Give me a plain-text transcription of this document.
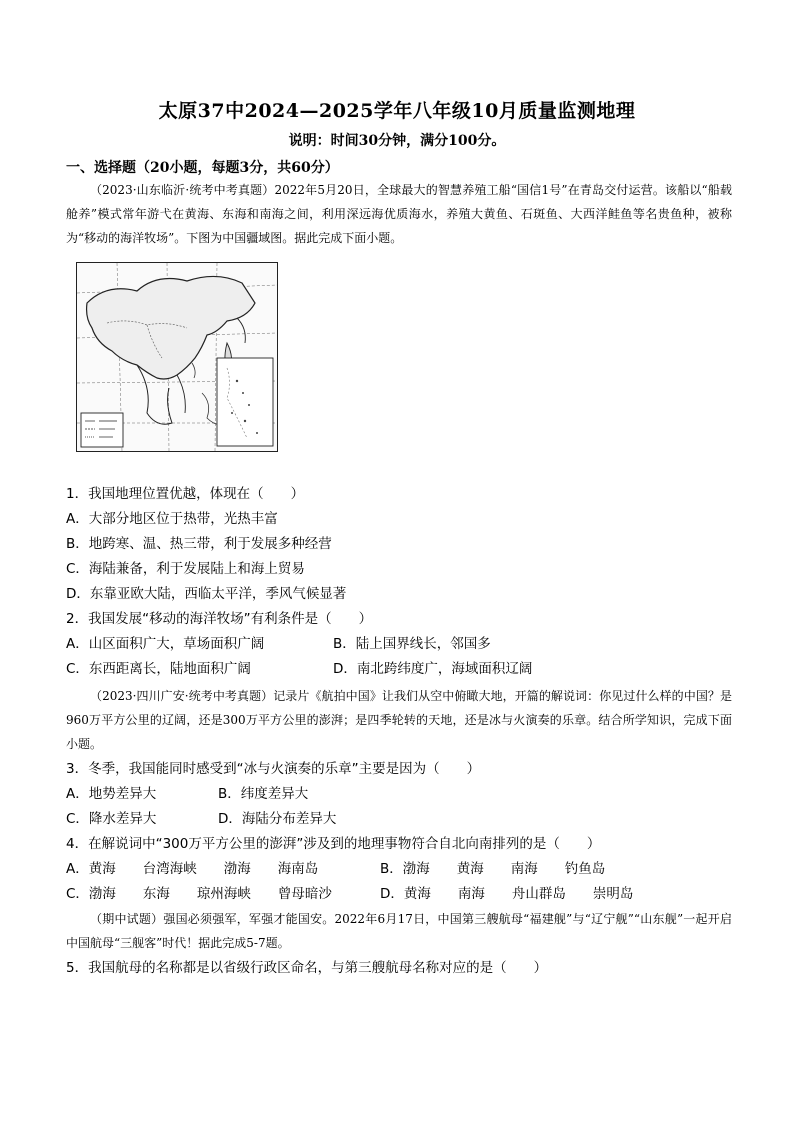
太原37中2024—2025学年八年级10月质量监测地理
说明：时间30分钟，满分100分。
一、选择题（20小题，每题3分，共60分）
（2023·山东临沂·统考中考真题）2022年5月20日，全球最大的智慧养殖工船“国信1号”在青岛交付运营。该船以“船载舱养”模式常年游弋在黄海、东海和南海之间，利用深远海优质海水，养殖大黄鱼、石斑鱼、大西洋鲑鱼等名贵鱼种，被称为“移动的海洋牧场”。下图为中国疆域图。据此完成下面小题。
1．我国地理位置优越，体现在（　　）
A．大部分地区位于热带，光热丰富
B．地跨寒、温、热三带，利于发展多种经营
C．海陆兼备，利于发展陆上和海上贸易
D．东靠亚欧大陆，西临太平洋，季风气候显著
2．我国发展“移动的海洋牧场”有利条件是（　　）
A．山区面积广大，草场面积广阔	B．陆上国界线长，邻国多
C．东西距离长，陆地面积广阔	D．南北跨纬度广，海域面积辽阔
（2023·四川广安·统考中考真题）记录片《航拍中国》让我们从空中俯瞰大地，开篇的解说词：你见过什么样的中国？是960万平方公里的辽阔，还是300万平方公里的澎湃；是四季轮转的天地，还是冰与火演奏的乐章。结合所学知识，完成下面小题。
3．冬季，我国能同时感受到“冰与火演奏的乐章”主要是因为（　　）
A．地势差异大	B．纬度差异大
C．降水差异大	D．海陆分布差异大
4．在解说词中“300万平方公里的澎湃”涉及到的地理事物符合自北向南排列的是（　　）
A．黄海　　台湾海峡　　渤海　　海南岛	B．渤海　　黄海　　南海　　钓鱼岛
C．渤海　　东海　　琼州海峡　　曾母暗沙	D．黄海　　南海　　舟山群岛　　崇明岛
（期中试题）强国必须强军，军强才能国安。2022年6月17日，中国第三艘航母“福建舰”与“辽宁舰”“山东舰”一起开启中国航母“三舰客”时代！据此完成5-7题。
5．我国航母的名称都是以省级行政区命名，与第三艘航母名称对应的是（　　）
